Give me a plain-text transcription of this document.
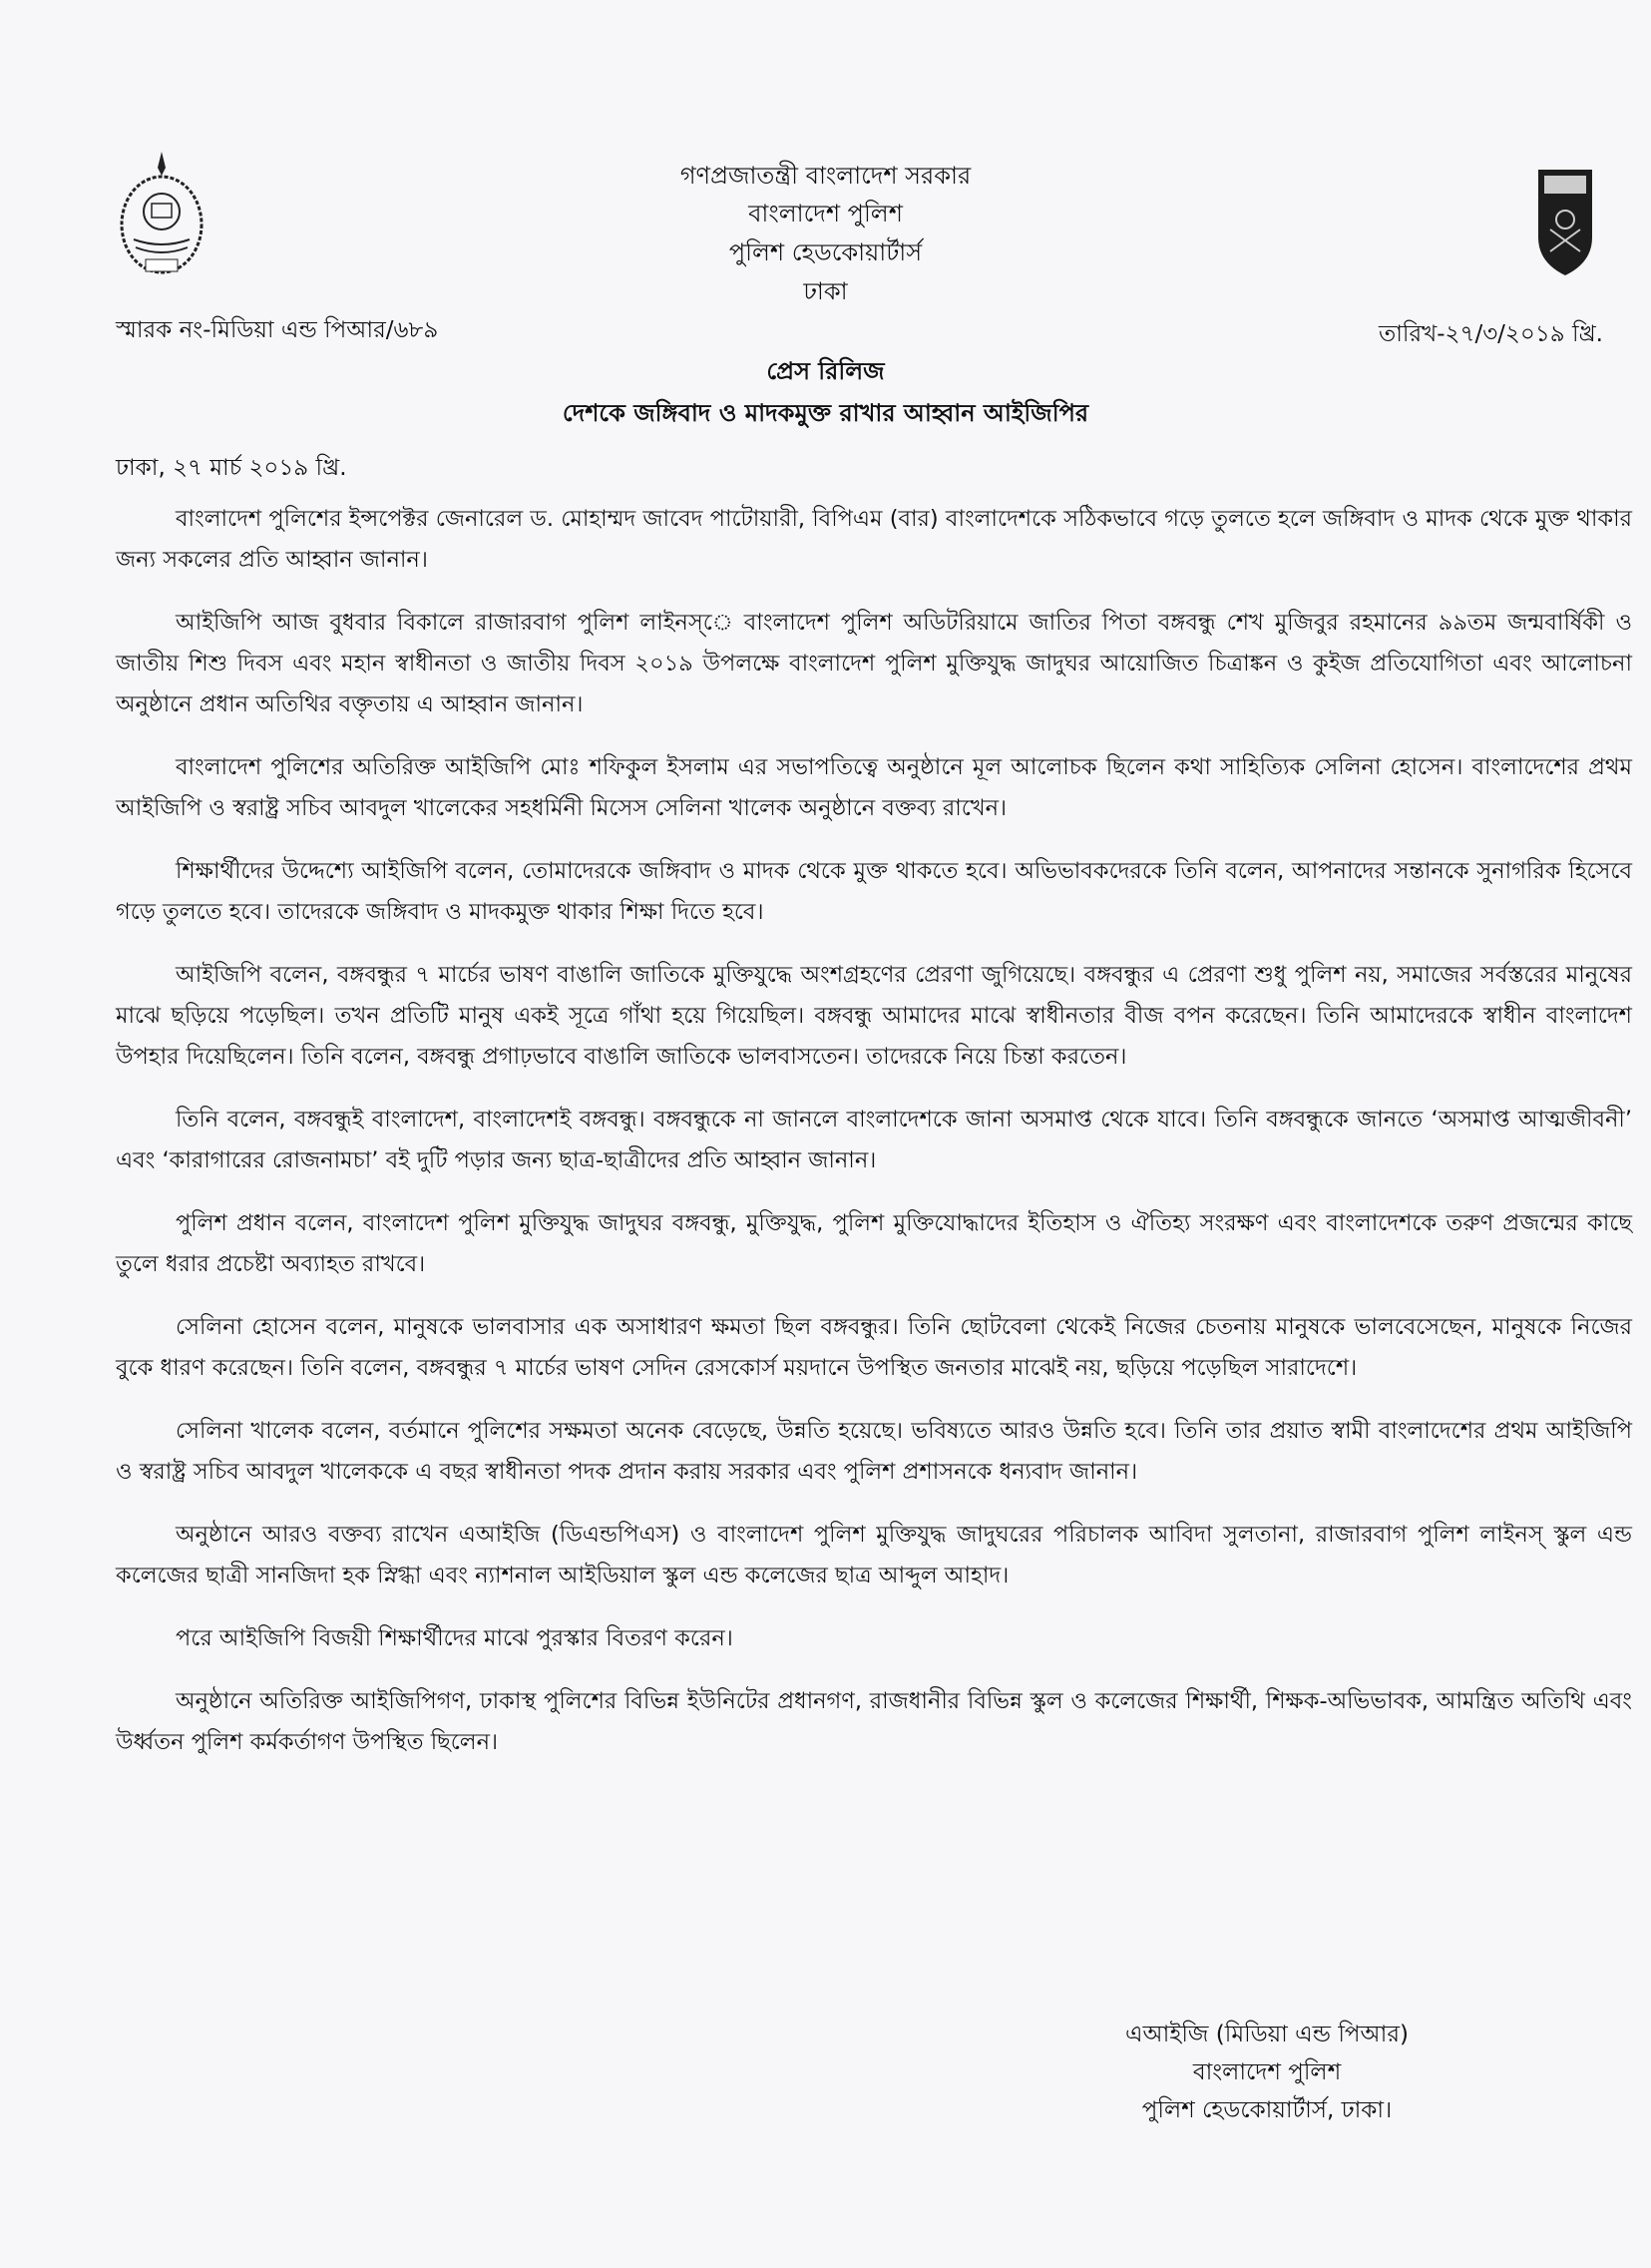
গণপ্রজাতন্ত্রী বাংলাদেশ সরকার
বাংলাদেশ পুলিশ
পুলিশ হেডকোয়ার্টার্স
ঢাকা
স্মারক নং-মিডিয়া এন্ড পিআর/৬৮৯	তারিখ-২৭/৩/২০১৯ খ্রি.
প্রেস রিলিজ
দেশকে জঙ্গিবাদ ও মাদকমুক্ত রাখার আহ্বান আইজিপির
ঢাকা, ২৭ মার্চ ২০১৯ খ্রি.

বাংলাদেশ পুলিশের ইন্সপেক্টর জেনারেল ড. মোহাম্মদ জাবেদ পাটোয়ারী, বিপিএম (বার) বাংলাদেশকে সঠিকভাবে গড়ে তুলতে হলে জঙ্গিবাদ ও মাদক থেকে মুক্ত থাকার জন্য সকলের প্রতি আহ্বান জানান।

আইজিপি আজ বুধবার বিকালে রাজারবাগ পুলিশ লাইনস্ে বাংলাদেশ পুলিশ অডিটরিয়ামে জাতির পিতা বঙ্গবন্ধু শেখ মুজিবুর রহমানের ৯৯তম জন্মবার্ষিকী ও জাতীয় শিশু দিবস এবং মহান স্বাধীনতা ও জাতীয় দিবস ২০১৯ উপলক্ষে বাংলাদেশ পুলিশ মুক্তিযুদ্ধ জাদুঘর আয়োজিত চিত্রাঙ্কন ও কুইজ প্রতিযোগিতা এবং আলোচনা অনুষ্ঠানে প্রধান অতিথির বক্তৃতায় এ আহ্বান জানান।

বাংলাদেশ পুলিশের অতিরিক্ত আইজিপি মোঃ শফিকুল ইসলাম এর সভাপতিত্বে অনুষ্ঠানে মূল আলোচক ছিলেন কথা সাহিত্যিক সেলিনা হোসেন। বাংলাদেশের প্রথম আইজিপি ও স্বরাষ্ট্র সচিব আবদুল খালেকের সহধর্মিনী মিসেস সেলিনা খালেক অনুষ্ঠানে বক্তব্য রাখেন।

শিক্ষার্থীদের উদ্দেশ্যে আইজিপি বলেন, তোমাদেরকে জঙ্গিবাদ ও মাদক থেকে মুক্ত থাকতে হবে। অভিভাবকদেরকে তিনি বলেন, আপনাদের সন্তানকে সুনাগরিক হিসেবে গড়ে তুলতে হবে। তাদেরকে জঙ্গিবাদ ও মাদকমুক্ত থাকার শিক্ষা দিতে হবে।

আইজিপি বলেন, বঙ্গবন্ধুর ৭ মার্চের ভাষণ বাঙালি জাতিকে মুক্তিযুদ্ধে অংশগ্রহণের প্রেরণা জুগিয়েছে। বঙ্গবন্ধুর এ প্রেরণা শুধু পুলিশ নয়, সমাজের সর্বস্তরের মানুষের মাঝে ছড়িয়ে পড়েছিল। তখন প্রতিটি মানুষ একই সূত্রে গাঁথা হয়ে গিয়েছিল। বঙ্গবন্ধু আমাদের মাঝে স্বাধীনতার বীজ বপন করেছেন। তিনি আমাদেরকে স্বাধীন বাংলাদেশ উপহার দিয়েছিলেন। তিনি বলেন, বঙ্গবন্ধু প্রগাঢ়ভাবে বাঙালি জাতিকে ভালবাসতেন। তাদেরকে নিয়ে চিন্তা করতেন।

তিনি বলেন, বঙ্গবন্ধুই বাংলাদেশ, বাংলাদেশই বঙ্গবন্ধু। বঙ্গবন্ধুকে না জানলে বাংলাদেশকে জানা অসমাপ্ত থেকে যাবে। তিনি বঙ্গবন্ধুকে জানতে ‘অসমাপ্ত আত্মজীবনী’ এবং ‘কারাগারের রোজনামচা’ বই দুটি পড়ার জন্য ছাত্র-ছাত্রীদের প্রতি আহ্বান জানান।

পুলিশ প্রধান বলেন, বাংলাদেশ পুলিশ মুক্তিযুদ্ধ জাদুঘর বঙ্গবন্ধু, মুক্তিযুদ্ধ, পুলিশ মুক্তিযোদ্ধাদের ইতিহাস ও ঐতিহ্য সংরক্ষণ এবং বাংলাদেশকে তরুণ প্রজন্মের কাছে তুলে ধরার প্রচেষ্টা অব্যাহত রাখবে।

সেলিনা হোসেন বলেন, মানুষকে ভালবাসার এক অসাধারণ ক্ষমতা ছিল বঙ্গবন্ধুর। তিনি ছোটবেলা থেকেই নিজের চেতনায় মানুষকে ভালবেসেছেন, মানুষকে নিজের বুকে ধারণ করেছেন। তিনি বলেন, বঙ্গবন্ধুর ৭ মার্চের ভাষণ সেদিন রেসকোর্স ময়দানে উপস্থিত জনতার মাঝেই নয়, ছড়িয়ে পড়েছিল সারাদেশে।

সেলিনা খালেক বলেন, বর্তমানে পুলিশের সক্ষমতা অনেক বেড়েছে, উন্নতি হয়েছে। ভবিষ্যতে আরও উন্নতি হবে। তিনি তার প্রয়াত স্বামী বাংলাদেশের প্রথম আইজিপি ও স্বরাষ্ট্র সচিব আবদুল খালেককে এ বছর স্বাধীনতা পদক প্রদান করায় সরকার এবং পুলিশ প্রশাসনকে ধন্যবাদ জানান।

অনুষ্ঠানে আরও বক্তব্য রাখেন এআইজি (ডিএন্ডপিএস) ও বাংলাদেশ পুলিশ মুক্তিযুদ্ধ জাদুঘরের পরিচালক আবিদা সুলতানা, রাজারবাগ পুলিশ লাইনস্ স্কুল এন্ড কলেজের ছাত্রী সানজিদা হক স্নিগ্ধা এবং ন্যাশনাল আইডিয়াল স্কুল এন্ড কলেজের ছাত্র আব্দুল আহাদ।

পরে আইজিপি বিজয়ী শিক্ষার্থীদের মাঝে পুরস্কার বিতরণ করেন।

অনুষ্ঠানে অতিরিক্ত আইজিপিগণ, ঢাকাস্থ পুলিশের বিভিন্ন ইউনিটের প্রধানগণ, রাজধানীর বিভিন্ন স্কুল ও কলেজের শিক্ষার্থী, শিক্ষক-অভিভাবক, আমন্ত্রিত অতিথি এবং উর্ধ্বতন পুলিশ কর্মকর্তাগণ উপস্থিত ছিলেন।

এআইজি (মিডিয়া এন্ড পিআর)
বাংলাদেশ পুলিশ
পুলিশ হেডকোয়ার্টার্স, ঢাকা।
